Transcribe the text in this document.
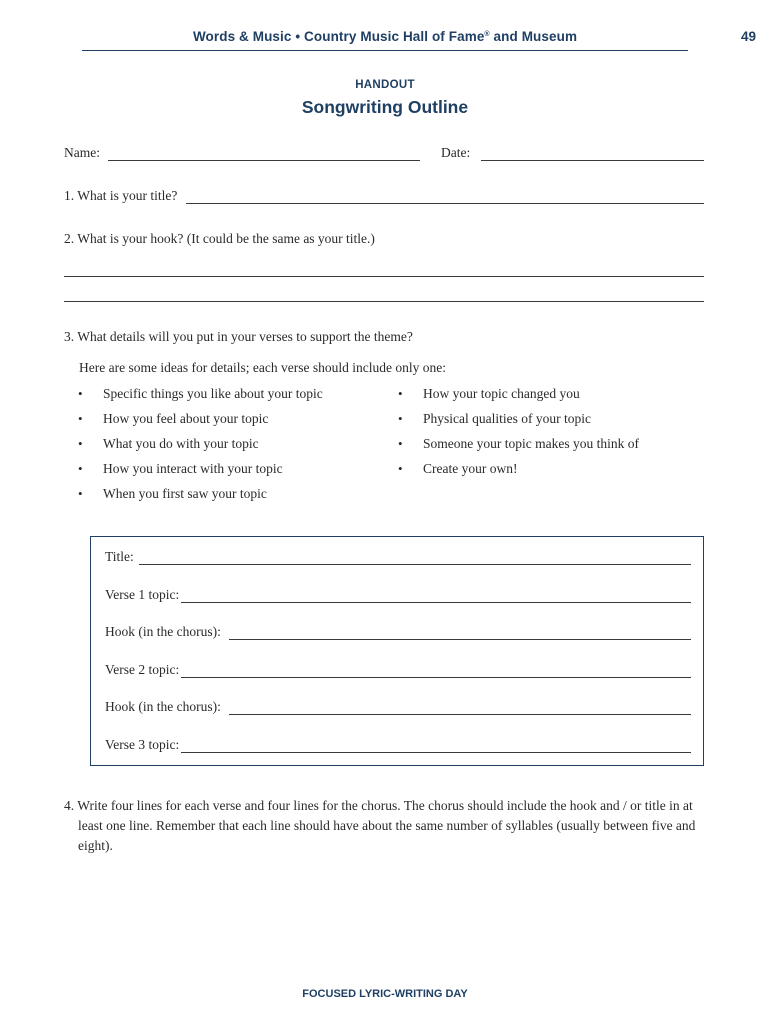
Words & Music • Country Music Hall of Fame® and Museum	49
HANDOUT
Songwriting Outline
Name:	Date:
1. What is your title?
2. What is your hook? (It could be the same as your title.)
3. What details will you put in your verses to support the theme?
Here are some ideas for details; each verse should include only one:
• Specific things you like about your topic
• How you feel about your topic
• What you do with your topic
• How you interact with your topic
• When you first saw your topic
• How your topic changed you
• Physical qualities of your topic
• Someone your topic makes you think of
• Create your own!
Title:
Verse 1 topic:
Hook (in the chorus):
Verse 2 topic:
Hook (in the chorus):
Verse 3 topic:
4. Write four lines for each verse and four lines for the chorus. The chorus should include the hook and / or title in at least one line. Remember that each line should have about the same number of syllables (usually between five and eight).
FOCUSED LYRIC-WRITING DAY
